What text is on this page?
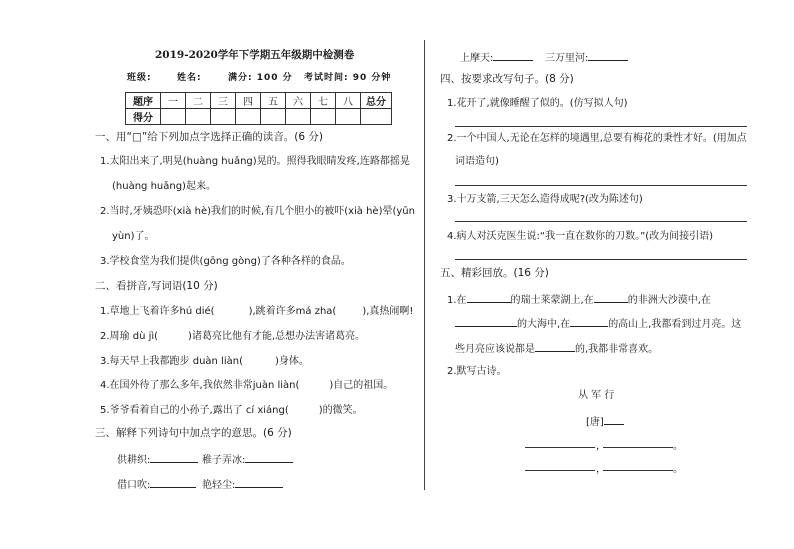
2019-2020学年下学期五年级期中检测卷
班级:	姓名:	满分: 100 分 考试时间: 90 分钟
题序	一	二	三	四	五	六	七	八	总分
得分									
一、用“□”给下列加点字选择正确的读音。(6 分)
1.太阳出来了,明晃(huàng huǎng)晃的。照得我眼睛发疼,连路都摇晃
(huàng huǎng)起来。
2.当时,牙姨恐吓(xià hè)我们的时候,有几个胆小的被吓(xià hè)晕(yūn
yùn)了。
3.学校食堂为我们提供(gōng gòng)了各种各样的食品。
二、看拼音,写词语(10 分)
1.草地上飞着许多hú dié(	),跳着许多má zha(	),真热闹啊!
2.周瑜 dù jì(	)诸葛亮比他有才能,总想办法害诸葛亮。
3.每天早上我都跑步 duàn liàn(	)身体。
4.在国外待了那么多年,我依然非常juàn liàn(	)自己的祖国。
5.爷爷看着自己的小孙子,露出了 cí xiáng(	)的微笑。
三、解释下列诗句中加点字的意思。(6 分)
供耕织:	稚子弄冰:
借口吹:	艳轻尘:
上摩天:	三万里河:
四、按要求改写句子。(8 分)
1.花开了,就像睡醒了似的。(仿写拟人句)
2.一个中国人,无论在怎样的境遇里,总要有梅花的秉性才好。(用加点
词语造句)
3.十万支箭,三天怎么造得成呢?(改为陈述句)
4.病人对沃克医生说:“我一直在数你的刀数。”(改为间接引语)
五、精彩回放。(16 分)
1.在	的瑞士莱蒙湖上,在	的非洲大沙漠中,在
的大海中,在	的高山上,我都看到过月亮。这
些月亮应该说都是	的,我都非常喜欢。
2.默写古诗。
从 军 行
[唐]
，	。
，	。
